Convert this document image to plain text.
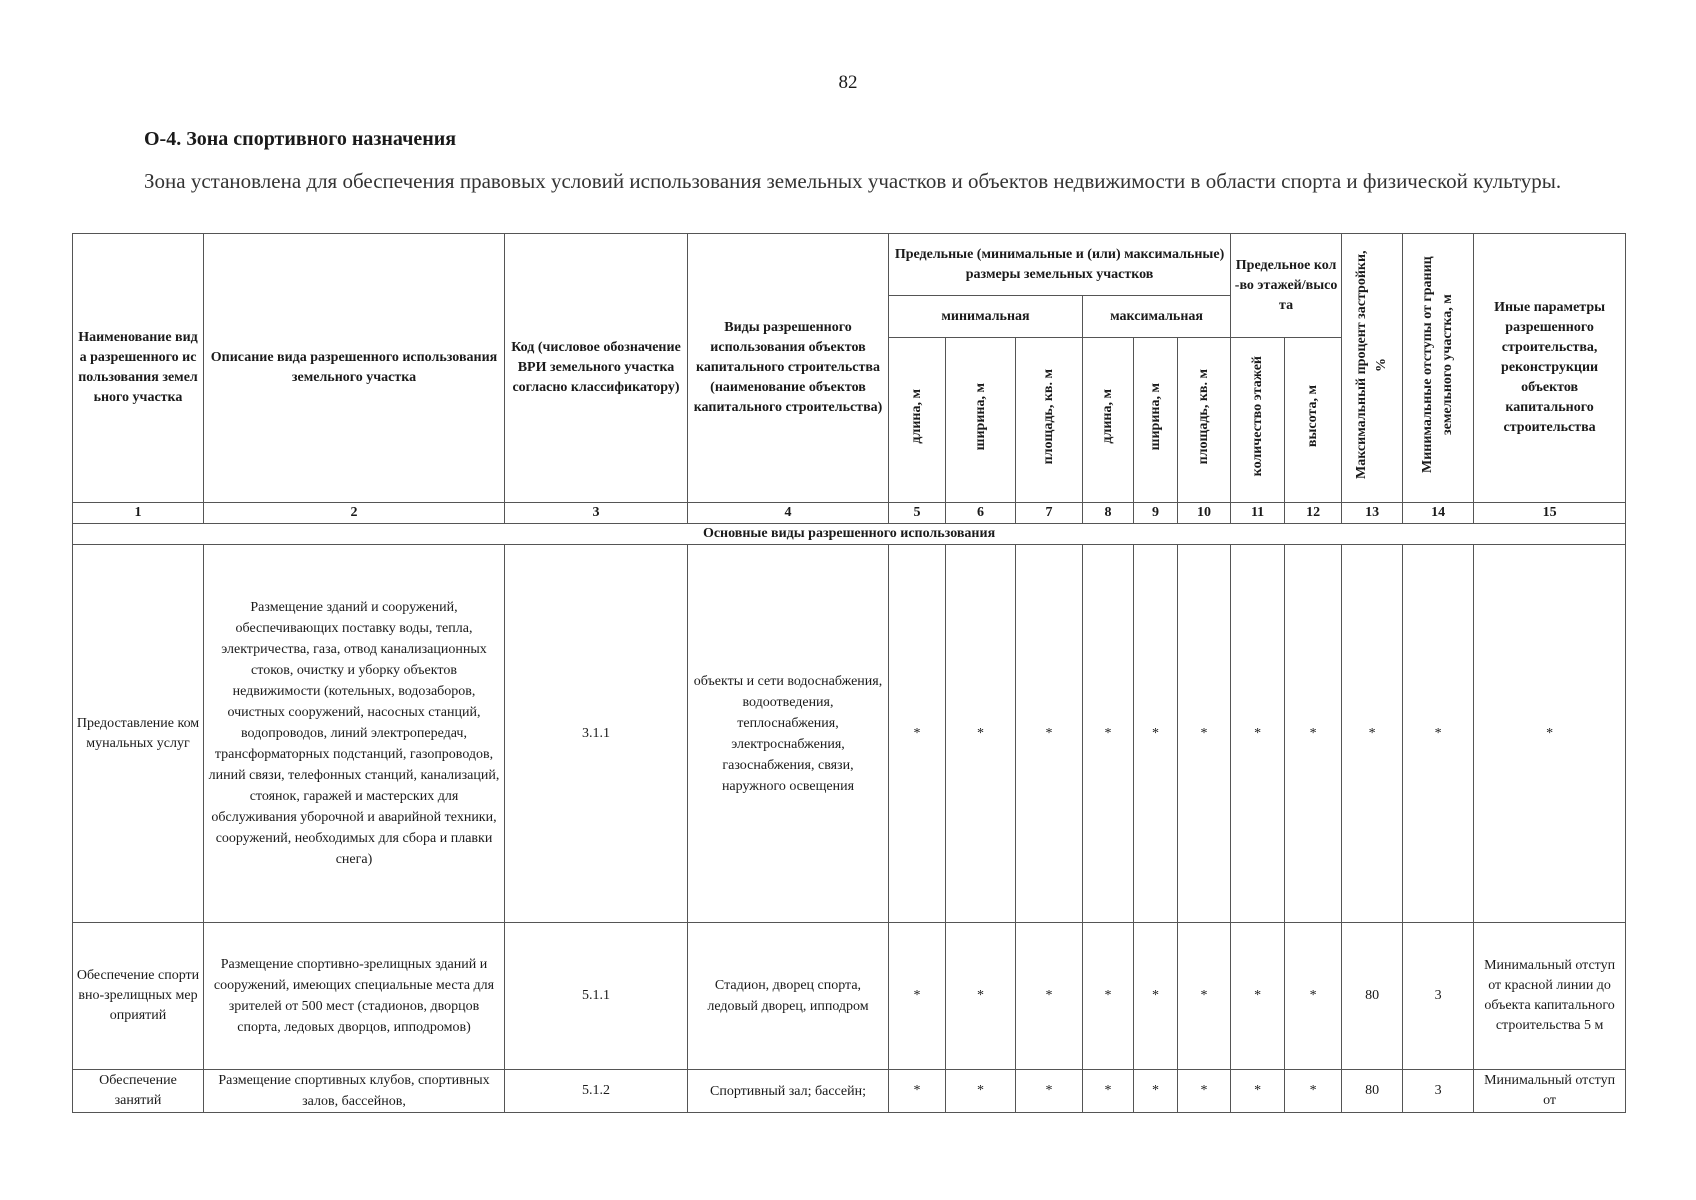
82
О-4. Зона спортивного назначения
Зона установлена для обеспечения правовых условий использования земельных участков и объектов недвижимости в области спорта и физической культуры.
Наименование вида разрешенного использования земельного участка	Описание вида разрешенного использования земельного участка	Код (числовое обозначение ВРИ земельного участка согласно классификатору)	Виды разрешенного использования объектов капитального строительства (наименование объектов капитального строительства)	Предельные (минимальные и (или) максимальные) размеры земельных участков						Предельное кол-во этажей/высота		Максимальный процент застройки, %	Минимальные отступы от границ земельного участка, м	Иные параметры разрешенного строительства, реконструкции объектов капитального строительства
				минимальная			максимальная							
				длина, м	ширина, м	площадь, кв. м	длина, м	ширина, м	площадь, кв. м	количество этажей	высота, м			
1	2	3	4	5	6	7	8	9	10	11	12	13	14	15
Основные виды разрешенного использования														
Предоставление коммунальных услуг	Размещение зданий и сооружений, обеспечивающих поставку воды, тепла, электричества, газа, отвод канализационных стоков, очистку и уборку объектов недвижимости (котельных, водозаборов, очистных сооружений, насосных станций, водопроводов, линий электропередач, трансформаторных подстанций, газопроводов, линий связи, телефонных станций, канализаций, стоянок, гаражей и мастерских для обслуживания уборочной и аварийной техники, сооружений, необходимых для сбора и плавки снега)	3.1.1	объекты и сети водоснабжения, водоотведения, теплоснабжения, электроснабжения, газоснабжения, связи, наружного освещения	*	*	*	*	*	*	*	*	*	*	*
Обеспечение спортивно-зрелищных мероприятий	Размещение спортивно-зрелищных зданий и сооружений, имеющих специальные места для зрителей от 500 мест (стадионов, дворцов спорта, ледовых дворцов, ипподромов)	5.1.1	Стадион, дворец спорта, ледовый дворец, ипподром	*	*	*	*	*	*	*	*	80	3	Минимальный отступ от красной линии до объекта капитального строительства 5 м
Обеспечение занятий	Размещение спортивных клубов, спортивных залов, бассейнов,	5.1.2	Спортивный зал; бассейн;	*	*	*	*	*	*	*	*	80	3	Минимальный отступ от
